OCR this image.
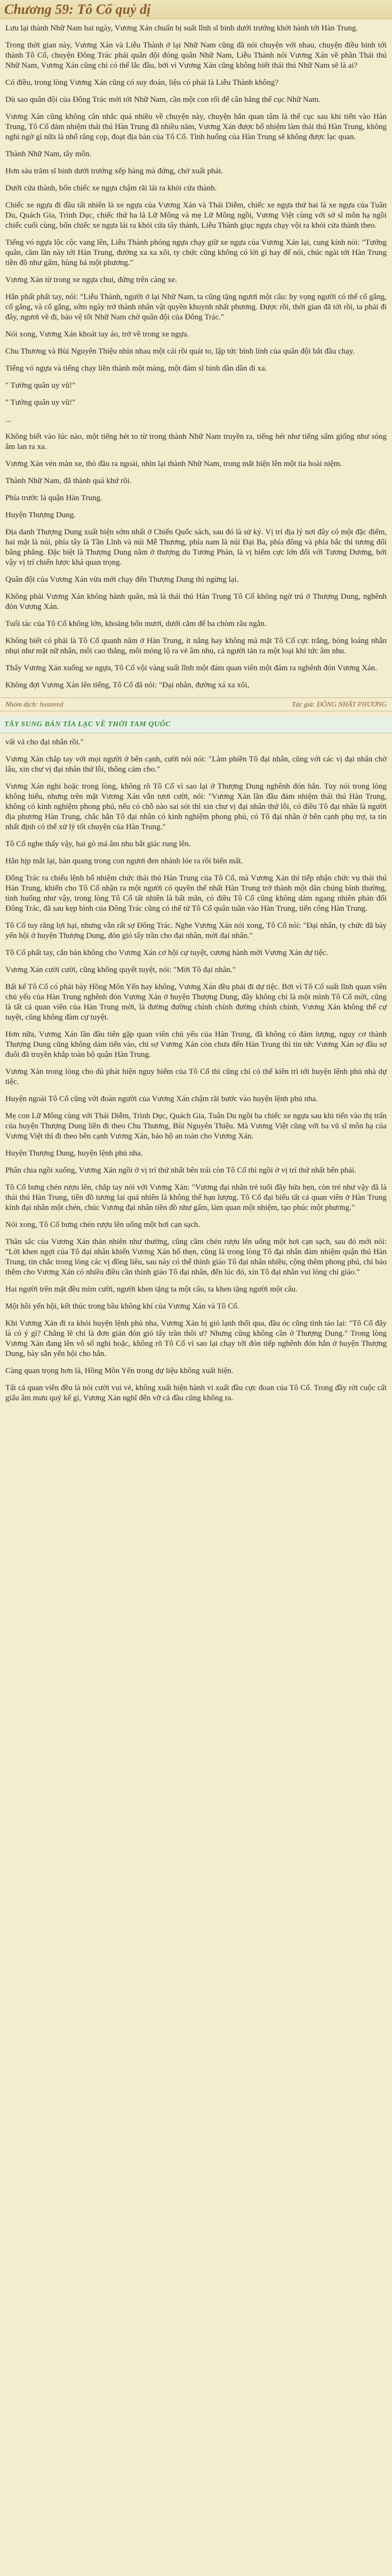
Chương 59: Tô Cổ quỷ dị

Lưu lại thành Nhữ Nam hai ngày, Vương Xán chuẩn bị suất lĩnh sĩ binh dưới trướng khởi hành tới Hàn Trung.

Trong thời gian này, Vương Xán và Liễu Thành ở lại Nhữ Nam cũng đã nói chuyện với nhau, chuyện điều binh tới thành Tô Cổ, chuyện Đông Trác phái quân đội đóng quân Nhữ Nam, Liễu Thành nói Vương Xán về phần Thái thú Nhữ Nam, Vương Xán cũng chỉ có thể lắc đầu, bởi vì Vương Xán cũng không biết thái thú Nhữ Nam sẽ là ai?

Có điều, trong lòng Vương Xán cũng có suy đoán, liệu có phải là Liễu Thành không?

Dù sao quân đội của Đông Trác mới tới Nhữ Nam, cần một con rối để cân bằng thế cục Nhữ Nam.

Vương Xán cũng không cân nhắc quá nhiều về chuyện này, chuyện hắn quan tâm là thế cục sau khi tiến vào Hàn Trung, Tô Cổ đảm nhiệm thái thú Hàn Trung đã nhiều năm, Vương Xán được bổ nhiệm làm thái thú Hàn Trung, không nghi ngờ gì nữa là nhổ răng cọp, đoạt địa bàn của Tô Cổ. Tình huống của Hàn Trung sẽ không được lạc quan.

Thành Nhữ Nam, tây môn.

Hơn sáu trăm sĩ binh dưới trướng xếp hàng mà đứng, chờ xuất phát.

Dưới cửa thành, bốn chiếc xe ngựa chậm rãi lái ra khỏi cửa thành.

Chiếc xe ngựa đi đầu tất nhiên là xe ngựa của Vương Xán và Thái Diễm, chiếc xe ngựa thứ hai là xe ngựa của Tuân Du, Quách Gia, Trình Dục, chiếc thứ ba là Lữ Mông và mẹ Lữ Mông ngồi, Vương Việt cùng với sở sĩ môn hạ ngồi chiếc cuối cùng, bốn chiếc xe ngựa lái ra khỏi cửa tây thành, Liễu Thành giục ngựa chạy vội ra khỏi cửa thành theo.

Tiếng vó ngựa lộc cộc vang lên, Liễu Thành phóng ngựa chạy giữ xe ngựa của Vương Xán lại, cung kính nói: "Tướng quân, cầm lần này tới Hàn Trung, đường xa xa xôi, ty chức cũng không có lời gì hay để nói, chúc ngài tới Hàn Trung tiền đồ như gấm, hùng bá một phương."

Vương Xán từ trong xe ngựa chui, đứng trên càng xe.

Hắn phất phất tay, nói: "Liễu Thành, người ở lại Nhữ Nam, ta cũng tặng ngươi một câu: hy vọng người có thể cố gắng, cố gắng, và cố gắng, sớm ngày trở thành nhân vật quyền khuynh nhất phương. Được rồi, thời gian đã tới rồi, ta phải đi đây, ngươi về đi, bảo vệ tốt Nhữ Nam chờ quân đội của Đông Trác."

Nói xong, Vương Xán khoát tay áo, trở về trong xe ngựa.

Chu Thương và Bùi Nguyên Thiệu nhìn nhau một cái rồi quát to, lập tức bình lính của quân đội bắt đầu chạy.

Tiếng vó ngựa và tiếng chạy liền thành một mảng, một đám sĩ binh dần dần đi xa.

" Tướng quân uy vũ!"

" Tướng quân uy vũ!"

...

Không biết vào lúc nào, một tiếng hét to từ trong thành Nhữ Nam truyền ra, tiếng hét như tiếng sấm giống như sóng âm lan ra xa.

Vương Xán vén màn xe, thò đầu ra ngoài, nhìn lại thành Nhữ Nam, trong mắt hiện lên một tia hoài niệm.

Thành Nhữ Nam, đã thành quá khứ rồi.

Phía trước là quận Hàn Trung.

Huyện Thượng Dung.

Địa danh Thượng Dung xuất hiện sớm nhất ở Chiến Quốc sách, sau đó là sử ký. Vị trí địa lý nơi đây có một đặc điểm, hai mặt là núi, phía tây là Tần Lĩnh và núi Mễ Thương, phía nam là núi Đại Ba, phía đông và phía bắc thì tương đối bằng phẳng. Đặc biệt là Thượng Dung nằm ở thượng du Tương Phàn, là vị hiểm cực lớn đối với Tương Dương, bởi vậy vị trí chiến lược khá quan trọng.

Quân đội của Vương Xán vừa mới chạy đến Thượng Dung thì ngừng lại.

Không phải Vương Xán không hành quân, mà là thái thú Hàn Trung Tô Cổ không ngờ trú ở Thượng Dung, nghênh đón Vương Xán.

Tuổi tác của Tô Cổ không lớn, khoảng bốn mươi, dưới cằm để ba chòm râu ngắn.

Không biết có phải là Tô Cổ quanh năm ở Hàn Trung, ít nắng hay không mà mặt Tô Cổ cực trắng, bóng loáng nhẵn nhụi như mặt nữ nhân, môi cao thẳng, môi mỏng lộ ra vẻ âm nhu, cả người tản ra một loại khí tức âm nhu.

Thấy Vương Xán xuống xe ngựa, Tô Cổ vội vàng suất lĩnh một đám quan viên một đám ra nghênh đón Vương Xán.

Không đợi Vương Xán lên tiếng, Tô Cổ đã nói: "Đại nhân, đường xá xa xôi,

Nhóm dịch: hustered	Tác giả: ĐÔNG NHẤT PHƯƠNG
TÂY SUNG BẢN TÍA LẠC VỀ THỜI TAM QUỐC

vất vả cho đại nhân rồi."

Vương Xán chắp tay với mọi người ở bên cạnh, cười nói nói: "Làm phiền Tô đại nhân, cũng với các vị đại nhân chờ lâu, xin chư vị đại nhân thứ lỗi, thông cảm cho."

Vương Xán nghi hoặc trong lòng, không rõ Tô Cổ vì sao lại ở Thượng Dung nghênh đón hắn. Tuy nói trong lòng không hiểu, nhưng trên mặt Vương Xán vẫn tươi cười, nói: "Vương Xán lần đầu đảm nhiệm thái thú Hàn Trung, không có kinh nghiệm phong phú, nếu có chỗ nào sai sót thì xin chư vị đại nhân thứ lỗi, có điều Tô đại nhân là người địa phương Hàn Trung, chắc hẳn Tô đại nhân có kinh nghiệm phong phú, có Tô đại nhân ở bên cạnh phụ trợ, ta tin nhất định có thể xử lý tốt chuyện của Hàn Trung."

Tô Cổ nghe thấy vậy, hai gò má âm nhu bắt giác rung lên.

Hắn hịp mắt lại, hàn quang trong con ngươi đen nhánh lóe ra rồi biến mất.

Đông Trác ra chiếu lệnh bổ nhiệm chức thái thú Hàn Trung của Tô Cổ, mà Vương Xán thì tiếp nhận chức vụ thái thú Hàn Trung, khiến cho Tô Cổ nhận ra một người có quyền thế nhất Hàn Trung trở thành một dân chúng bình thường, tình huống như vậy, trong lòng Tô Cổ tất nhiên là bất mãn, có điều Tô Cổ cũng không dám ngang nhiên phản đối Đông Trác, đã sau kẹp bình của Đông Trác cũng có thể tử Tô Cổ quân tuần vào Hàn Trung, tiến công Hàn Trung.

Tô Cổ tuy rằng lợi hại, nhưng vẫn rất sợ Đông Trác. Nghe Vương Xán nói xong, Tô Cổ nói: "Đại nhân, ty chức đã bày yến hội ở huyện Thượng Dung, đón gió tẩy trần cho đại nhân, mời đại nhân."

Tô Cổ phất tay, cắn bản không cho Vương Xán cơ hội cự tuyệt, cương hành mời Vương Xán dự tiệc.

Vương Xán cười cười, cũng không quyết tuyệt, nói: "Mời Tô đại nhân."

Bất kể Tô Cổ có phải bày Hồng Môn Yến hay không, Vương Xán đều phải đi dự tiệc. Bởi vì Tô Cổ suất lĩnh quan viên chủ yếu của Hàn Trung nghênh đón Vương Xán ở huyện Thượng Dung, đây không chỉ là một mình Tô Cổ mời, cũng là tất cả quan viên của Hàn Trung mời, là đường đường chính chính đường chính chính, Vương Xán không thể cự tuyệt, cũng không đàm cự tuyệt.

Hơn nữa, Vương Xán lần đầu tiên gặp quan viên chủ yếu của Hàn Trung, đã không có đảm lượng, nguy cơ thành Thượng Dung cũng không dám tiến vào, chỉ sợ Vương Xán còn chưa đến Hàn Trung thì tin tức Vương Xán sợ đầu sợ đuôi đã truyền khắp toàn bộ quận Hàn Trung.

Vương Xán trong lòng cho dù phát hiện nguy hiểm của Tô Cổ thì cũng chỉ có thể kiên trì tới huyện lệnh phủ nhà dự tiệc.

Huyện ngoài Tô Cổ cũng với đoàn người của Vương Xán chậm rãi bước vào huyện lệnh phủ nha.

Mẹ con Lữ Mông cùng với Thái Diễm, Trình Dục, Quách Gia, Tuân Du ngồi ba chiếc xe ngựa sau khi tiến vào thị trấn của huyện Thượng Dung liền đi theo Chu Thương, Bùi Nguyên Thiệu. Mà Vương Việt cũng với ba vũ sĩ môn hạ của Vương Việt thì đi theo bên cạnh Vương Xán, bảo hộ an toàn cho Vương Xán.

Huyện Thượng Dung, huyện lệnh phủ nha.

Phân chia ngồi xuống, Vương Xán ngồi ở vị trí thứ nhất bên trái còn Tô Cổ thì ngồi ở vị trí thứ nhất bên phải.

Tô Cổ bưng chén rượu lên, chắp tay nói với Vương Xán: "Vương đại nhân trẻ tuổi đầy hứa hẹn, còn trẻ như vậy đã là thái thú Hàn Trung, tiền đồ tương lai quả nhiên là không thể hạn lượng. Tô Cổ đại biểu tất cả quan viên ở Hàn Trung kính đại nhân một chén, chúc Vương đại nhân tiền đồ như gấm, làm quan một nhiệm, tạo phúc một phương."

Nói xong, Tô Cổ bưng chén rượu lên uống một hơi cạn sạch.

Thần sắc của Vương Xán thản nhiên như thường, cũng cầm chén rượu lên uống một hơi cạn sạch, sau đó mới nói: "Lời khen ngợi của Tô đại nhân khiến Vương Xán hổ thẹn, cũng là trong lòng Tô đại nhân đảm nhiệm quận thú Hàn Trung, tin chắc trong lòng các vị đồng liêu, sau này có thể thỉnh giáo Tô đại nhân nhiều, cộng thêm phong phú, chỉ bảo thêm cho Vương Xán có nhiều điều cần thỉnh giáo Tô đại nhân, đến lúc đó, xin Tô đại nhân vui lòng chỉ giáo."

Hai người trên mặt đều mỉm cười, người khen tặng ta một câu, ta khen tặng người một câu.

Một hồi yến hội, kết thúc trong bầu không khí của Vương Xán và Tô Cổ.

Khi Vương Xán đi ra khỏi huyện lệnh phủ nha, Vương Xán bị gió lạnh thổi qua, đầu óc cũng tỉnh táo lại: "Tô Cổ đây là có ý gì? Chẳng lẽ chỉ là đơn giản đón gió tẩy trần thôi ư? Nhưng cũng không cần ở Thượng Dung." Trong lòng Vương Xán đang lên vô số nghi hoặc, không rõ Tô Cổ vì sao lại chạy tới đón tiếp nghênh đón hắn ở huyện Thượng Dung, bày sẵn yến hội cho hắn.

Càng quan trọng hơn là, Hồng Môn Yến trong dự liệu không xuất hiện.

Tất cả quan viên đều là nói cười vui vẻ, không xuất hiện hành vi xuất đầu cực đoan của Tô Cổ. Trong đầy rời cuộc cất giấu âm mưu quỷ kế gì, Vương Xán nghĩ đến vỡ cả đầu cũng không ra.
